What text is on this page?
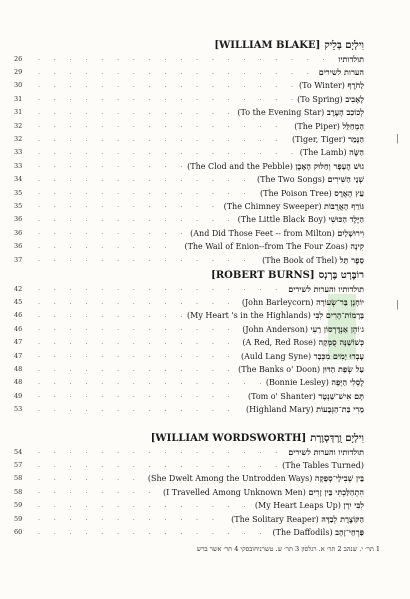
|
|
[WILLIAM BLAKE] וִילְיָם בְּלֵיק
26 . . .	תולדותיו
29 . . .	הערות לשירים
30 . . .	לַחֹרֶף (To Winter)
31 . . .	לָאָבִיב (To Spring)
31 . . .	לְכוֹכַב הָעֶרֶב (To the Evening Star)
32 . . .	הַמְחַלֵּל (The Piper)
32 . . .	הַנָּמֵר (Tiger, Tiger)
33 . . .	הַשֶּׂה (The Lamb)
33 . . .	גוּשׁ הֶעָפָר וְחַלּוּק הָאֶבֶן (The Clod and the Pebble)
34 . . .	שְׁנֵי הַשִּׁירִים (The Two Songs)
35 . . .	עֵץ הָאֶרֶס (The Poison Tree)
35 . . .	גּוֹרֵף הָאֲרֻבּוֹת (The Chimney Sweeper)
36 . . .	הַיֶּלֶד הַכּוּשִׁי (The Little Black Boy)
36 . . .	וִירוּשָׁלַיִם (And Did Those Feet -- from Milton)
36 . . .	קִינָה (The Wail of Enion--from The Four Zoas)
37 . . .	סֵפֶר תֵּל (The Book of Thel)
[ROBERT BURNS] רוֹבֶּרְט בֶּרְנְס
42 . . .	תולדותיו והערות לשירים
45 . . .	יוֹחָנָן בַּר־שְׂעוֹרָה (John Barleycorn)
46 . . .	בָּרָמוֹת־הָרִים לִבִּי (My Heart 's in the Highlands)
46 . . .	ג׳וֹהְן אַנְדֶּרְסוֹן רֵעִי (John Anderson)
47 . . .	כְּשׁוֹשַׁנָּה סֻמְּקָה (A Red, Red Rose)
47 . . .	עָבְרוּ יָמִים מִכְּבָר (Auld Lang Syne)
48 . . .	עַל שְׂפַת הַדּוּן (The Banks o' Doon)
48 . . .	לֶסְלִי הַיָּפָה (Bonnie Lesley)
49 . . .	תָּם אִישׁ־שַׁנְטֶר (Tom o' Shanter)
53 . . .	מֵרִי בַּת־הַגְּבָעוֹת (Highland Mary)
[WILLIAM WORDSWORTH] וִילְיָם וֻרְדְּסְוֶרְת
54 . . .	תולדותיו והערות לשירים
57 . . .	(The Tables Turned)
58 . . .	בֵּין שְׁבִילֵי־סְפֵקָה (She Dwelt Among the Untrodden Ways)
58 . . .	הִתְהַלַּכְתִּי בֵּין זָרִים (I Travelled Among Unknown Men)
59 . . .	לִבִּי יִרָן (My Heart Leaps Up)
59 . . .	הַקּוֹצֶרֶת לְבַדָּהּ (The Solitary Reaper)
60 . . .	פַּרְחֵי־זָהָב (The Daffodils)
1 תר׳ י. שנהב 2 תר׳ א. רגלסון 3 תר׳ ש. טשרניחובסקי 4 תר׳ אשר ברש
